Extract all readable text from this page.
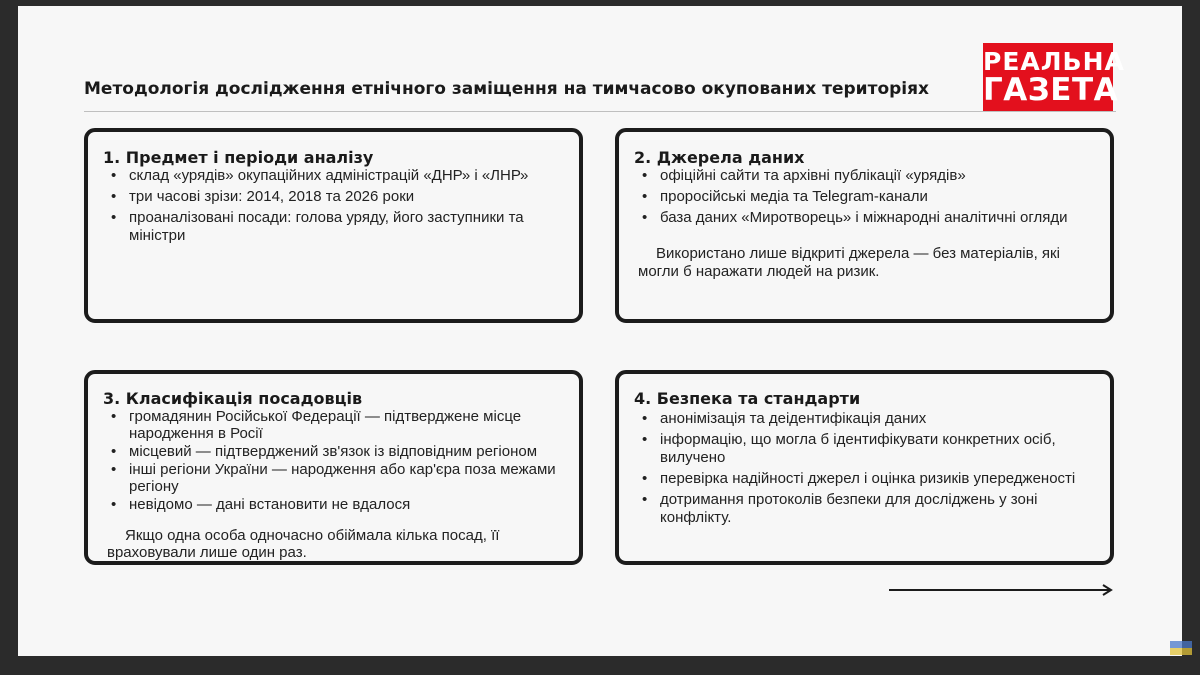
РЕАЛЬНА
ГАЗЕТА
Методологія дослідження етнічного заміщення на тимчасово окупованих територіях
1. Предмет і періоди аналізу
• склад «урядів» окупаційних адміністрацій «ДНР» і «ЛНР»
• три часові зрізи: 2014, 2018 та 2026 роки
• проаналізовані посади: голова уряду, його заступники та міністри
2. Джерела даних
• офіційні сайти та архівні публікації «урядів»
• проросійські медіа та Telegram-канали
• база даних «Миротворець» і міжнародні аналітичні огляди
Використано лише відкриті джерела — без матеріалів, які могли б наражати людей на ризик.
3. Класифікація посадовців
• громадянин Російської Федерації — підтверджене місце народження в Росії
• місцевий — підтверджений зв'язок із відповідним регіоном
• інші регіони України — народження або кар'єра поза межами регіону
• невідомо — дані встановити не вдалося
Якщо одна особа одночасно обіймала кілька посад, її враховували лише один раз.
4. Безпека та стандарти
• анонімізація та деідентифікація даних
• інформацію, що могла б ідентифікувати конкретних осіб, вилучено
• перевірка надійності джерел і оцінка ризиків упередженості
• дотримання протоколів безпеки для досліджень у зоні конфлікту.
